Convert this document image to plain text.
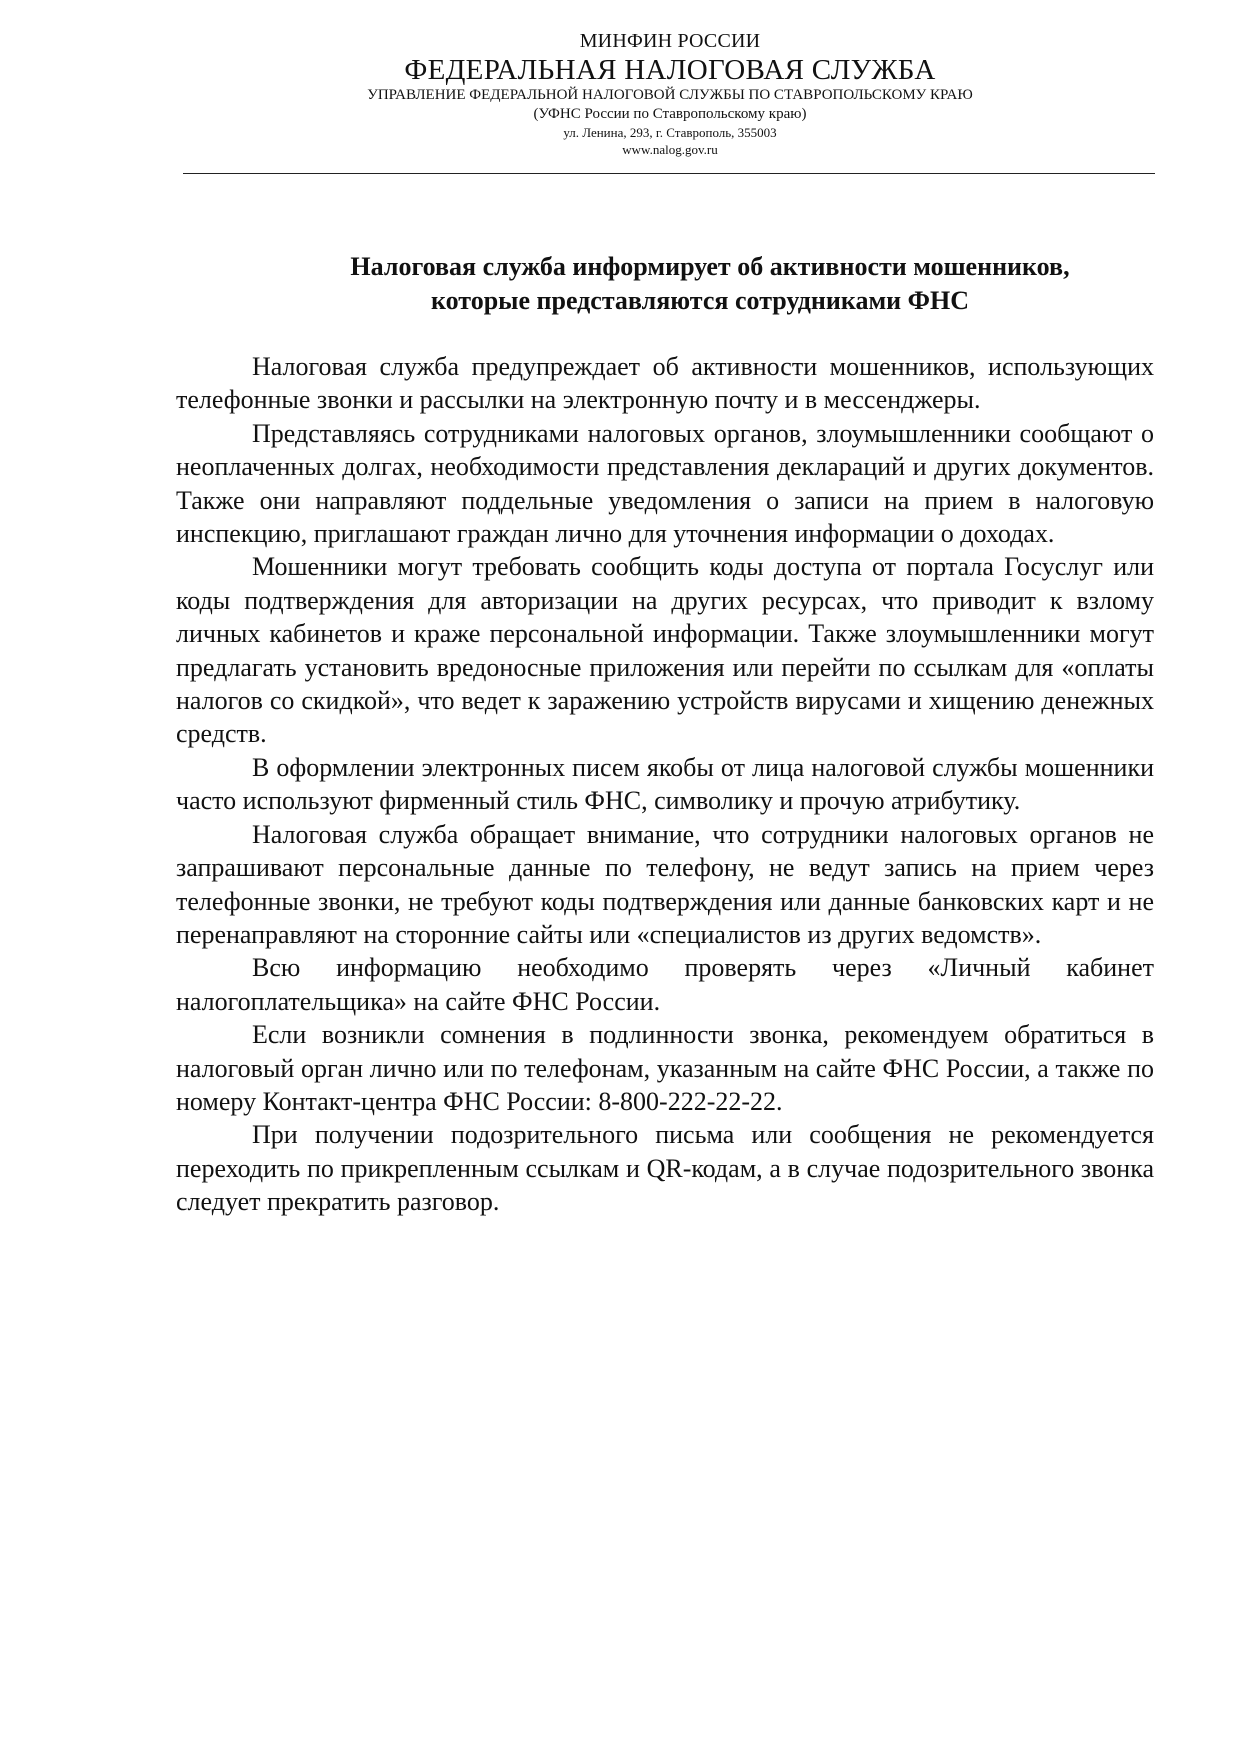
МИНФИН РОССИИ
ФЕДЕРАЛЬНАЯ НАЛОГОВАЯ СЛУЖБА
УПРАВЛЕНИЕ ФЕДЕРАЛЬНОЙ НАЛОГОВОЙ СЛУЖБЫ ПО СТАВРОПОЛЬСКОМУ КРАЮ
(УФНС России по Ставропольскому краю)
ул. Ленина, 293, г. Ставрополь, 355003
www.nalog.gov.ru
Налоговая служба информирует об активности мошенников,
которые представляются сотрудниками ФНС

Налоговая служба предупреждает об активности мошенников, использующих телефонные звонки и рассылки на электронную почту и в мессенджеры.

Представляясь сотрудниками налоговых органов, злоумышленники сообщают о неоплаченных долгах, необходимости представления деклараций и других документов. Также они направляют поддельные уведомления о записи на прием в налоговую инспекцию, приглашают граждан лично для уточнения информации о доходах.

Мошенники могут требовать сообщить коды доступа от портала Госуслуг или коды подтверждения для авторизации на других ресурсах, что приводит к взлому личных кабинетов и краже персональной информации. Также злоумышленники могут предлагать установить вредоносные приложения или перейти по ссылкам для «оплаты налогов со скидкой», что ведет к заражению устройств вирусами и хищению денежных средств.

В оформлении электронных писем якобы от лица налоговой службы мошенники часто используют фирменный стиль ФНС, символику и прочую атрибутику.

Налоговая служба обращает внимание, что сотрудники налоговых органов не запрашивают персональные данные по телефону, не ведут запись на прием через телефонные звонки, не требуют коды подтверждения или данные банковских карт и не перенаправляют на сторонние сайты или «специалистов из других ведомств».

Всю информацию необходимо проверять через «Личный кабинет налогоплательщика» на сайте ФНС России.

Если возникли сомнения в подлинности звонка, рекомендуем обратиться в налоговый орган лично или по телефонам, указанным на сайте ФНС России, а также по номеру Контакт-центра ФНС России: 8-800-222-22-22.

При получении подозрительного письма или сообщения не рекомендуется переходить по прикрепленным ссылкам и QR-кодам, а в случае подозрительного звонка следует прекратить разговор.
